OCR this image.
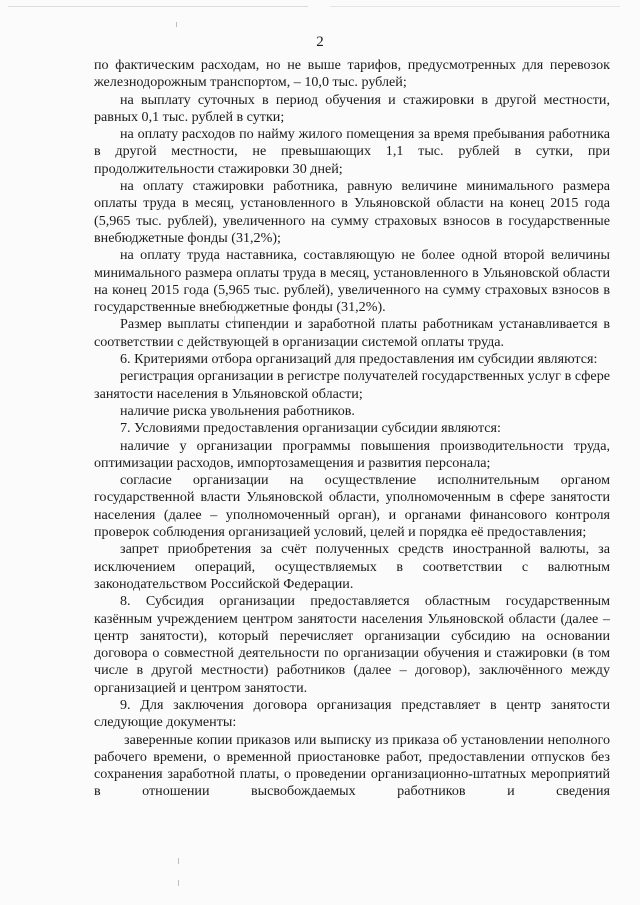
2

по фактическим расходам, но не выше тарифов, предусмотренных для перевозок железнодорожным транспортом, – 10,0 тыс. рублей;

на выплату суточных в период обучения и стажировки в другой местности, равных 0,1 тыс. рублей в сутки;

на оплату расходов по найму жилого помещения за время пребывания работника в другой местности, не превышающих 1,1 тыс. рублей в сутки, при продолжительности стажировки 30 дней;

на оплату стажировки работника, равную величине минимального размера оплаты труда в месяц, установленного в Ульяновской области на конец 2015 года (5,965 тыс. рублей), увеличенного на сумму страховых взносов в государственные внебюджетные фонды (31,2%);

на оплату труда наставника, составляющую не более одной второй величины минимального размера оплаты труда в месяц, установленного в Ульяновской области на конец 2015 года (5,965 тыс. рублей), увеличенного на сумму страховых взносов в государственные внебюджетные фонды (31,2%).

Размер выплаты стипендии и заработной платы работникам устанавливается в соответствии с действующей в организации системой оплаты труда.

6. Критериями отбора организаций для предоставления им субсидии являются:

регистрация организации в регистре получателей государственных услуг в сфере занятости населения в Ульяновской области;

наличие риска увольнения работников.

7. Условиями предоставления организации субсидии являются:

наличие у организации программы повышения производительности труда, оптимизации расходов, импортозамещения и развития персонала;

согласие организации на осуществление исполнительным органом государственной власти Ульяновской области, уполномоченным в сфере занятости населения (далее – уполномоченный орган), и органами финансового контроля проверок соблюдения организацией условий, целей и порядка её предоставления;

запрет приобретения за счёт полученных средств иностранной валюты, за исключением операций, осуществляемых в соответствии с валютным законодательством Российской Федерации.

8. Субсидия организации предоставляется областным государственным казённым учреждением центром занятости населения Ульяновской области (далее – центр занятости), который перечисляет организации субсидию на основании договора о совместной деятельности по организации обучения и стажировки (в том числе в другой местности) работников (далее – договор), заключённого между организацией и центром занятости.

9. Для заключения договора организация представляет в центр занятости следующие документы:

заверенные копии приказов или выписку из приказа об установлении неполного рабочего времени, о временной приостановке работ, предоставлении отпусков без сохранения заработной платы, о проведении организационно-штатных мероприятий в отношении высвобождаемых работников и сведения
